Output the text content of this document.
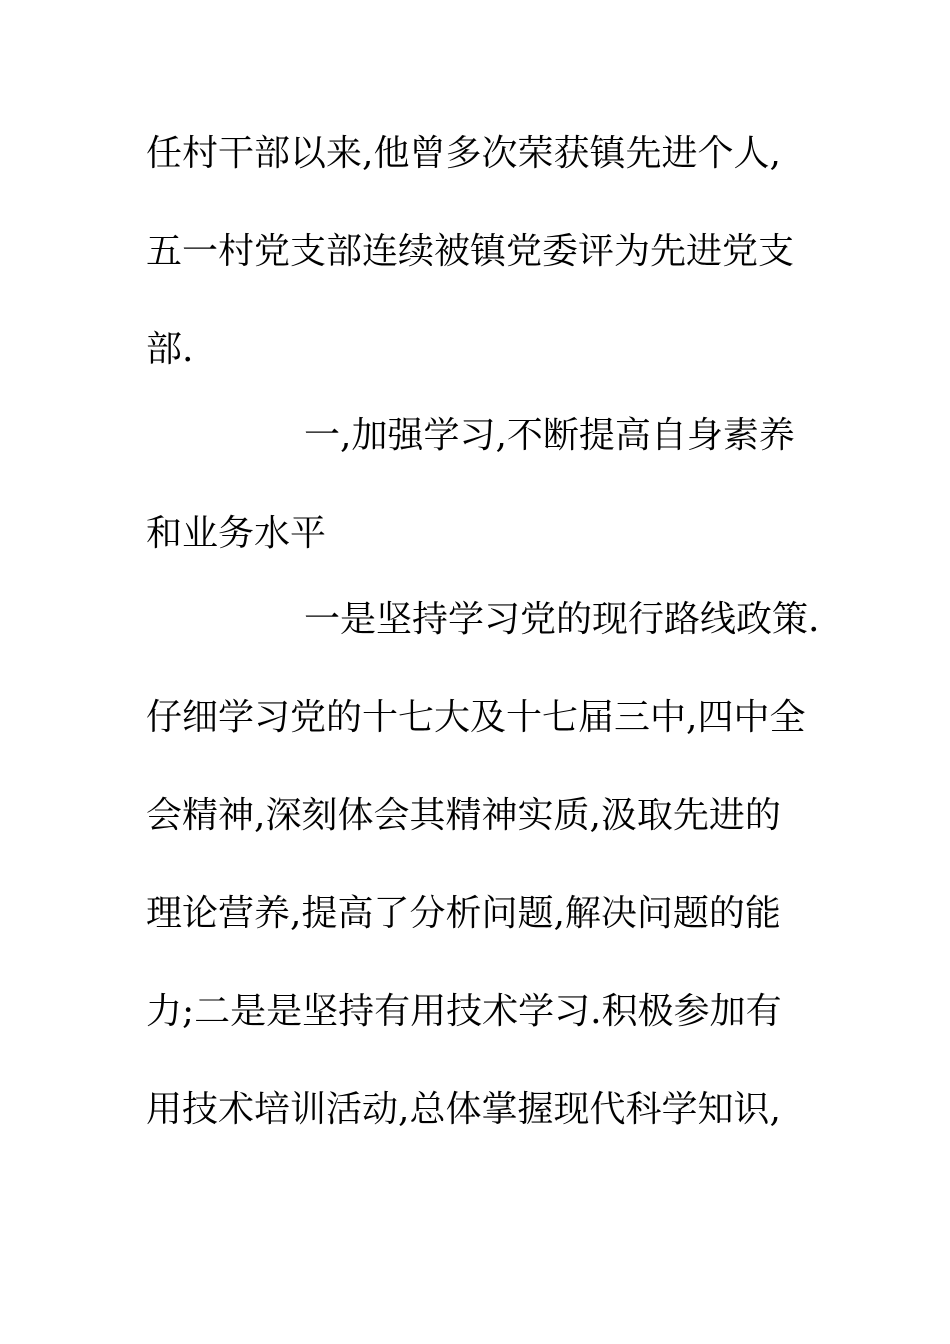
任村干部以来,他曾多次荣获镇先进个人,
五一村党支部连续被镇党委评为先进党支
部.
一,加强学习,不断提高自身素养
和业务水平
一是坚持学习党的现行路线政策.
仔细学习党的十七大及十七届三中,四中全
会精神,深刻体会其精神实质,汲取先进的
理论营养,提高了分析问题,解决问题的能
力;二是是坚持有用技术学习.积极参加有
用技术培训活动,总体掌握现代科学知识,
